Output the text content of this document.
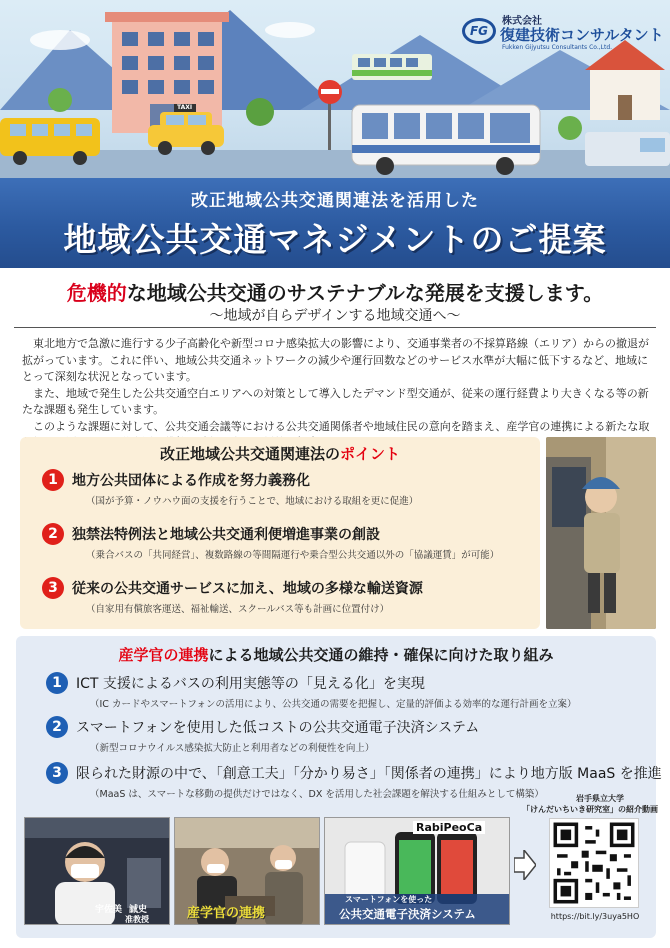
TAXI
FG
株式会社
復建技術コンサルタント
Fukken Gijyutsu Consultants Co.,Ltd.
改正地域公共交通関連法を活用した
地域公共交通マネジメントのご提案
危機的な地域公共交通のサステナブルな発展を支援します。
〜地域が自らデザインする地域交通へ〜

東北地方で急激に進行する少子高齢化や新型コロナ感染拡大の影響により、交通事業者の不採算路線（エリア）からの撤退が拡がっています。これに伴い、地域公共交通ネットワークの減少や運行回数などのサービス水準が大幅に低下するなど、地域にとって深刻な状況となっています。

また、地域で発生した公共交通空白エリアへの対策として導入したデマンド型交通が、従来の運行経費より大きくなる等の新たな課題も発生しています。

このような課題に対して、公共交通会議等における公共交通関係者や地域住民の意向を踏まえ、産学官の連携による新たな取

改正地域公共交通関連法のポイント
1	地方公共団体による作成を努力義務化
（国が予算・ノウハウ面の支援を行うことで、地域における取組を更に促進）
2	独禁法特例法と地域公共交通利便増進事業の創設
（乗合バスの「共同経営」、複数路線の等間隔運行や乗合型公共交通以外の「協議運賃」が可能）
3	従来の公共交通サービスに加え、地域の多様な輸送資源
（自家用有償旅客運送、福祉輸送、スクールバス等も計画に位置付け）
産学官の連携による地域公共交通の維持・確保に向けた取り組み
1	ICT 支援によるバスの利用実態等の「見える化」を実現
（IC カードやスマートフォンの活用により、公共交通の需要を把握し、定量的評価よる効率的な運行計画を立案）
2	スマートフォンを使用した低コストの公共交通電子決済システム
（新型コロナウイルス感染拡大防止と利用者などの利便性を向上）
3	限られた財源の中で、「創意工夫」「分かり易さ」「関係者の連携」により地方版 MaaS を推進
（MaaS は、スマートな移動の提供だけではなく、DX を活用した社会課題を解決する仕組みとして構築）
宇佐美 誠史
准教授	産学官の連携
RabiPeoCa
スマートフォンを使った
公共交通電子決済システム
岩手県立大学
「けんだいちいき研究室」の紹介動画
https://bit.ly/3uya5HO
